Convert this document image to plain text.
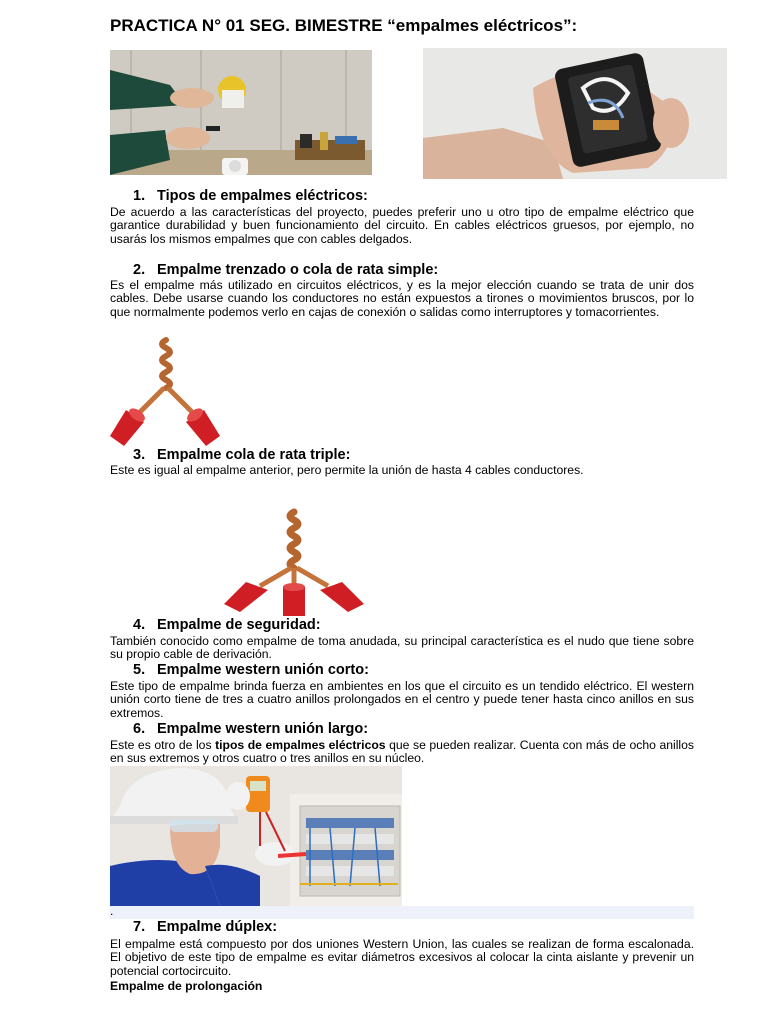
PRACTICA N° 01 SEG. BIMESTRE “empalmes eléctricos”:
1. Tipos de empalmes eléctricos:
De acuerdo a las características del proyecto, puedes preferir uno u otro tipo de empalme eléctrico que garantice durabilidad y buen funcionamiento del circuito. En cables eléctricos gruesos, por ejemplo, no usarás los mismos empalmes que con cables delgados.
2. Empalme trenzado o cola de rata simple:
Es el empalme más utilizado en circuitos eléctricos, y es la mejor elección cuando se trata de unir dos cables. Debe usarse cuando los conductores no están expuestos a tirones o movimientos bruscos, por lo que normalmente podemos verlo en cajas de conexión o salidas como interruptores y tomacorrientes.
3. Empalme cola de rata triple:
Este es igual al empalme anterior, pero permite la unión de hasta 4 cables conductores.
4. Empalme de seguridad:
También conocido como empalme de toma anudada, su principal característica es el nudo que tiene sobre su propio cable de derivación.
5. Empalme western unión corto:
Este tipo de empalme brinda fuerza en ambientes en los que el circuito es un tendido eléctrico. El western unión corto tiene de tres a cuatro anillos prolongados en el centro y puede tener hasta cinco anillos en sus extremos.
6. Empalme western unión largo:
Este es otro de los tipos de empalmes eléctricos que se pueden realizar. Cuenta con más de ocho anillos en sus extremos y otros cuatro o tres anillos en su núcleo.
.
7. Empalme dúplex:
El empalme está compuesto por dos uniones Western Union, las cuales se realizan de forma escalonada. El objetivo de este tipo de empalme es evitar diámetros excesivos al colocar la cinta aislante y prevenir un potencial cortocircuito.
Empalme de prolongación
